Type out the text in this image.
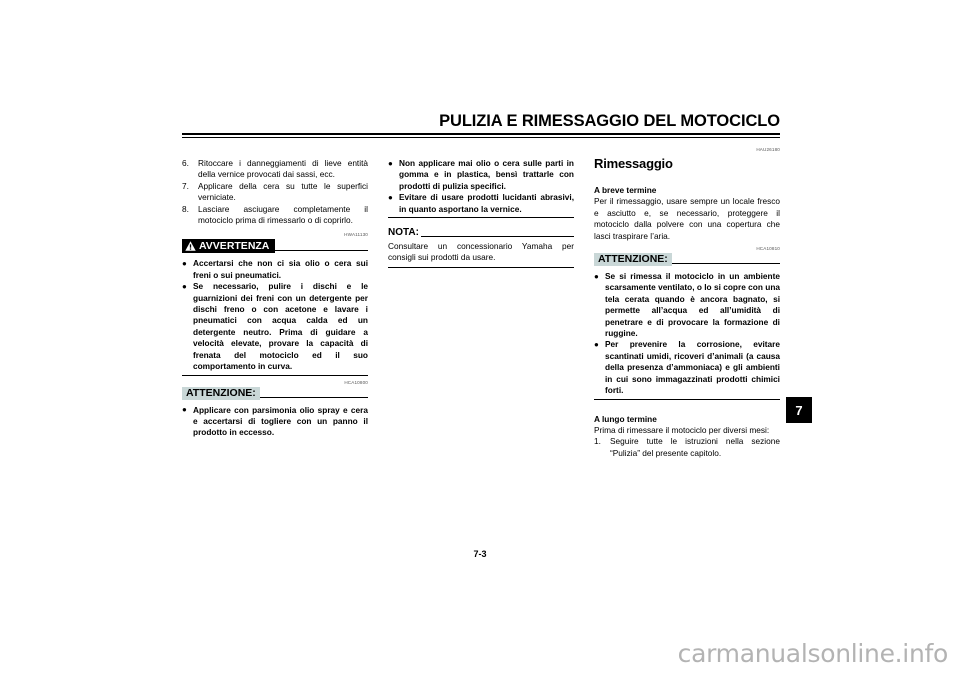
PULIZIA E RIMESSAGGIO DEL MOTOCICLO
6.	Ritoccare i danneggiamenti di lieve entità della vernice provocati dai sassi, ecc.
7.	Applicare della cera su tutte le superfici verniciate.
8.	Lasciare asciugare completamente il motociclo prima di rimessarlo o di coprirlo.
HWA11130
AVVERTENZA
● Accertarsi che non ci sia olio o cera sui freni o sui pneumatici.
● Se necessario, pulire i dischi e le guarnizioni dei freni con un detergente per dischi freno o con acetone e lavare i pneumatici con acqua calda ed un detergente neutro. Prima di guidare a velocità elevate, provare la capacità di frenata del motociclo ed il suo comportamento in curva.
HCA10800
ATTENZIONE:
● Applicare con parsimonia olio spray e cera e accertarsi di togliere con un panno il prodotto in eccesso.
● Non applicare mai olio o cera sulle parti in gomma e in plastica, bensì trattarle con prodotti di pulizia specifici.
● Evitare di usare prodotti lucidanti abrasivi, in quanto asportano la vernice.
NOTA:

Consultare un concessionario Yamaha per consigli sui prodotti da usare.

HAU26180
Rimessaggio
A breve termine

Per il rimessaggio, usare sempre un locale fresco e asciutto e, se necessario, proteggere il motociclo dalla polvere con una copertura che lasci traspirare l’aria.

HCA10810
ATTENZIONE:
● Se si rimessa il motociclo in un ambiente scarsamente ventilato, o lo si copre con una tela cerata quando è ancora bagnato, si permette all’acqua ed all’umidità di penetrare e di provocare la formazione di ruggine.
● Per prevenire la corrosione, evitare scantinati umidi, ricoveri d’animali (a causa della presenza d’ammoniaca) e gli ambienti in cui sono immagazzinati prodotti chimici forti.
A lungo termine

Prima di rimessare il motociclo per diversi mesi:

1.	Seguire tutte le istruzioni nella sezione “Pulizia” del presente capitolo.
7
7-3
carmanualsonline.info
